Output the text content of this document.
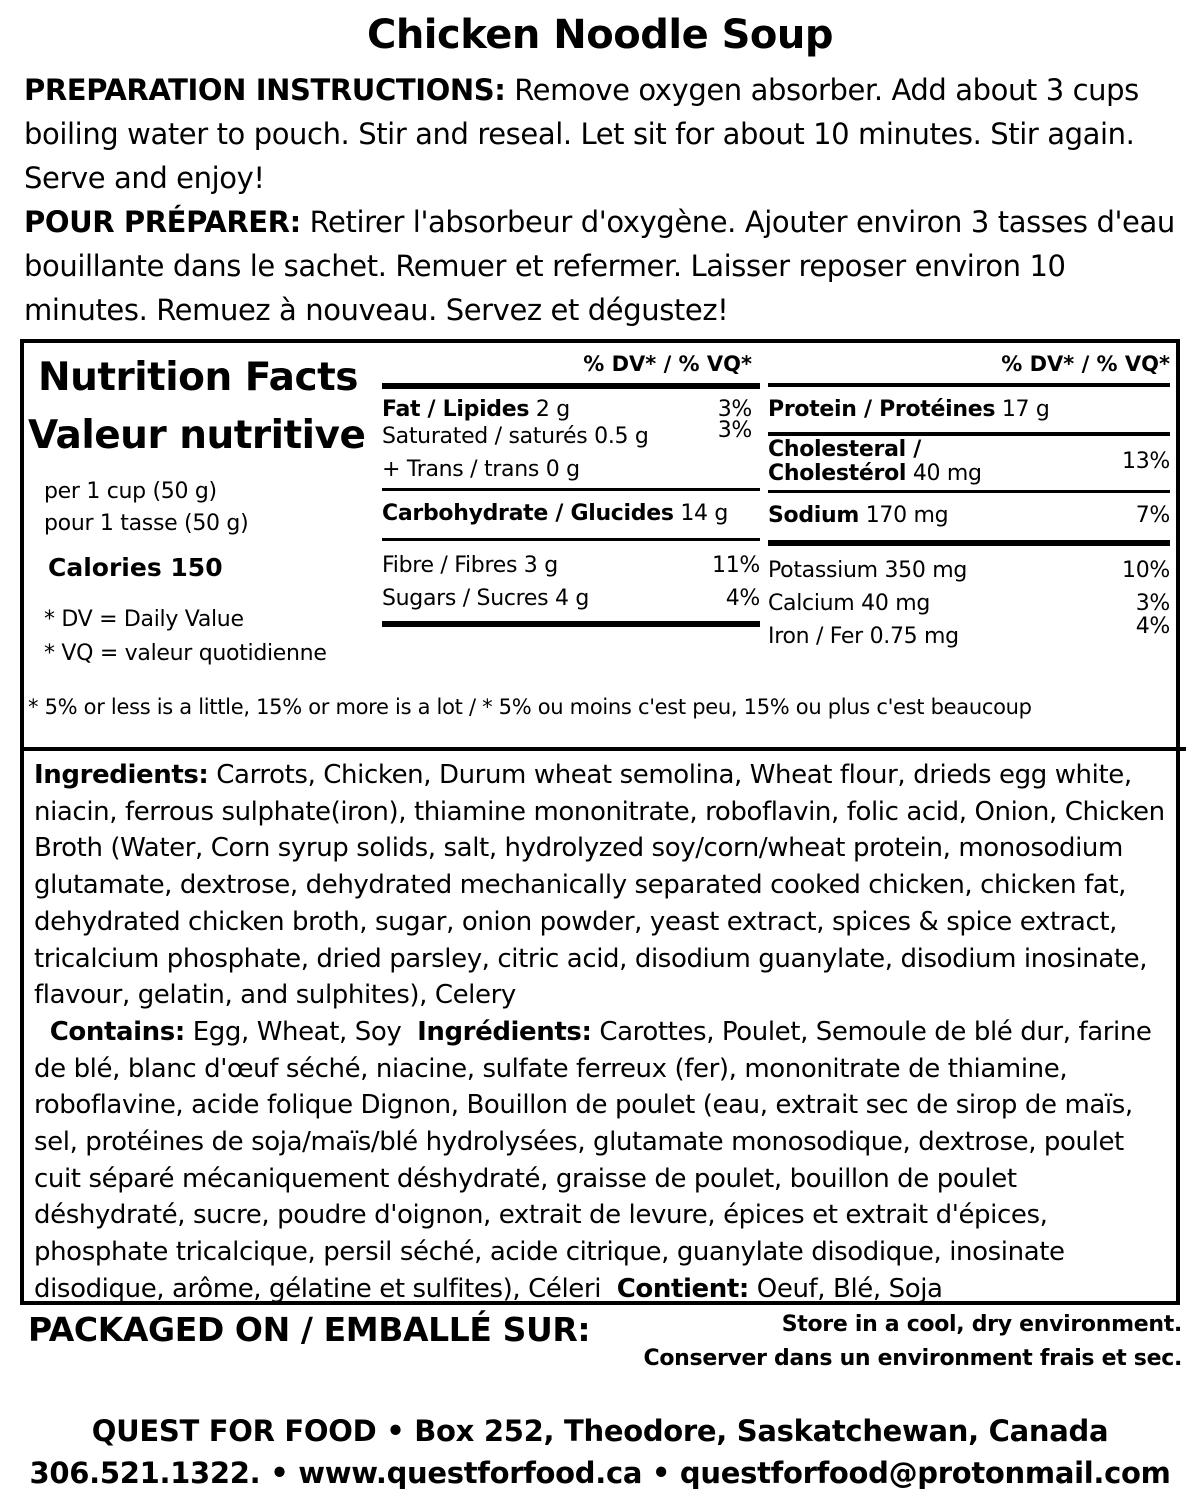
Chicken Noodle Soup
PREPARATION INSTRUCTIONS: Remove oxygen absorber. Add about 3 cups boiling water to pouch. Stir and reseal. Let sit for about 10 minutes. Stir again. Serve and enjoy!
POUR PRÉPARER: Retirer l'absorbeur d'oxygène. Ajouter environ 3 tasses d'eau bouillante dans le sachet. Remuer et refermer. Laisser reposer environ 10 minutes. Remuez à nouveau. Servez et dégustez!
Nutrition Facts
Valeur nutritive
per 1 cup (50 g)
pour 1 tasse (50 g)
Calories 150
* DV = Daily Value
* VQ = valeur quotidienne
% DV* / % VQ*
Fat / Lipides 2 g	3%
Saturated / saturés 0.5 g	3%
+ Trans / trans 0 g
Carbohydrate / Glucides 14 g
Fibre / Fibres 3 g	11%
Sugars / Sucres 4 g	4%
% DV* / % VQ*
Protein / Protéines 17 g
Cholesteral /
Cholestérol 40 mg	13%
Sodium 170 mg	7%
Potassium 350 mg	10%
Calcium 40 mg	3%
Iron / Fer 0.75 mg	4%
* 5% or less is a little, 15% or more is a lot / * 5% ou moins c'est peu, 15% ou plus c'est beaucoup
Ingredients: Carrots, Chicken, Durum wheat semolina, Wheat flour, drieds egg white, niacin, ferrous sulphate(iron), thiamine mononitrate, roboflavin, folic acid, Onion, Chicken Broth (Water, Corn syrup solids, salt, hydrolyzed soy/corn/wheat protein, monosodium glutamate, dextrose, dehydrated mechanically separated cooked chicken, chicken fat, dehydrated chicken broth, sugar, onion powder, yeast extract, spices & spice extract, tricalcium phosphate, dried parsley, citric acid, disodium guanylate, disodium inosinate, flavour, gelatin, and sulphites), Celery
Contains: Egg, Wheat, Soy  Ingrédients: Carottes, Poulet, Semoule de blé dur, farine de blé, blanc d'œuf séché, niacine, sulfate ferreux (fer), mononitrate de thiamine, roboflavine, acide folique Dignon, Bouillon de poulet (eau, extrait sec de sirop de maïs, sel, protéines de soja/maïs/blé hydrolysées, glutamate monosodique, dextrose, poulet cuit séparé mécaniquement déshydraté, graisse de poulet, bouillon de poulet déshydraté, sucre, poudre d'oignon, extrait de levure, épices et extrait d'épices, phosphate tricalcique, persil séché, acide citrique, guanylate disodique, inosinate disodique, arôme, gélatine et sulfites), Céleri  Contient: Oeuf, Blé, Soja
PACKAGED ON / EMBALLÉ SUR:	Store in a cool, dry environment.
Conserver dans un environment frais et sec.
QUEST FOR FOOD • Box 252, Theodore, Saskatchewan, Canada
306.521.1322. • www.questforfood.ca • questforfood@protonmail.com
